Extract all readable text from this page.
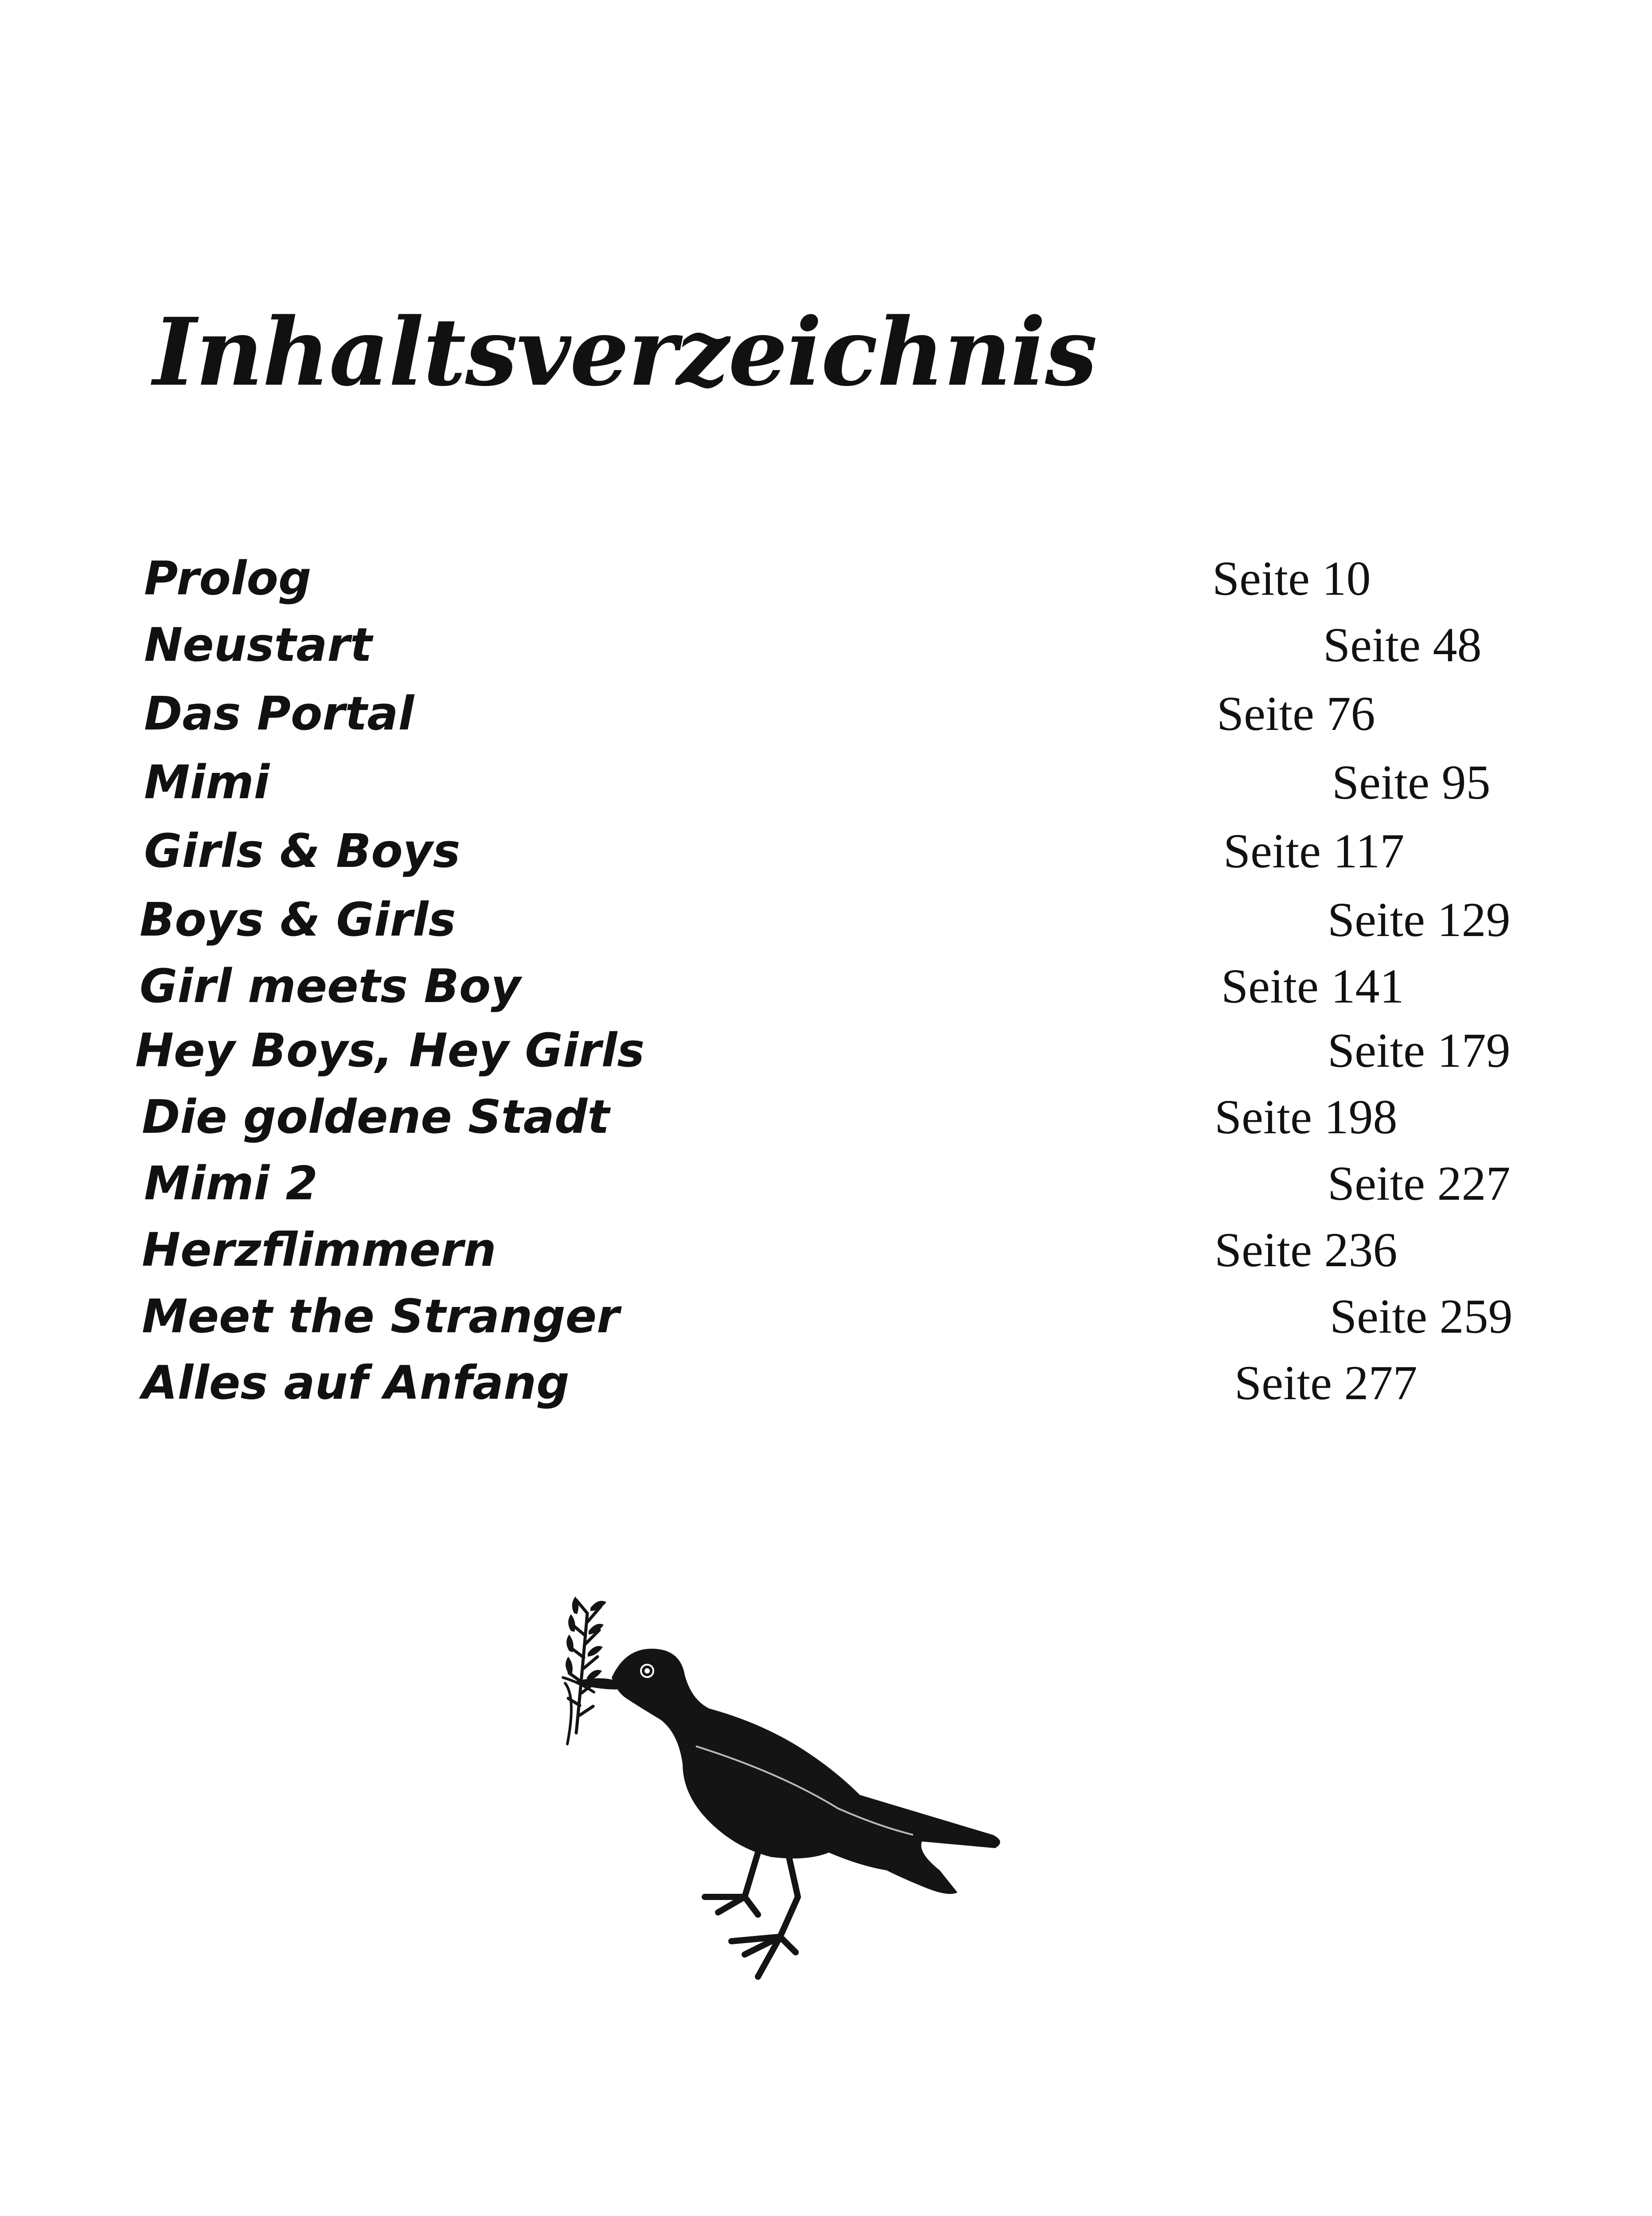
Inhaltsverzeichnis
Prolog	Seite 10
Neustart	Seite 48
Das Portal	Seite 76
Mimi	Seite 95
Girls & Boys	Seite 117
Boys & Girls	Seite 129
Girl meets Boy	Seite 141
Hey Boys, Hey Girls	Seite 179
Die goldene Stadt	Seite 198
Mimi 2	Seite 227
Herzflimmern	Seite 236
Meet the Stranger	Seite 259
Alles auf Anfang	Seite 277
